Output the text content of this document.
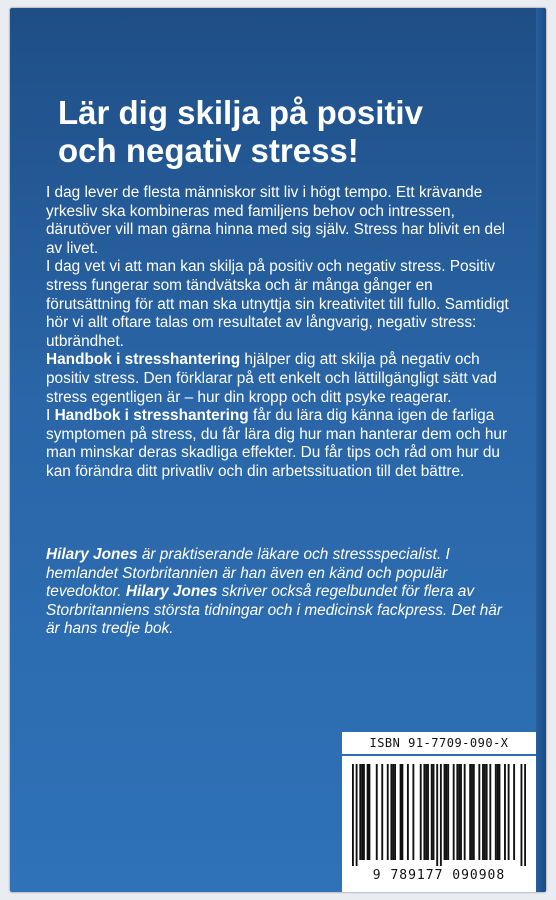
Lär dig skilja på positiv
och negativ stress!

I dag lever de flesta människor sitt liv i högt tempo. Ett krävande yrkesliv ska kombineras med familjens behov och intressen, därutöver vill man gärna hinna med sig själv. Stress har blivit en del av livet.

I dag vet vi att man kan skilja på positiv och negativ stress. Positiv stress fungerar som tändvätska och är många gånger en förutsättning för att man ska utnyttja sin kreativitet till fullo. Samtidigt hör vi allt oftare talas om resultatet av långvarig, negativ stress: utbrändhet.

Handbok i stresshantering hjälper dig att skilja på negativ och positiv stress. Den förklarar på ett enkelt och lättillgängligt sätt vad stress egentligen är – hur din kropp och ditt psyke reagerar.

I Handbok i stresshantering får du lära dig känna igen de farliga symptomen på stress, du får lära dig hur man hanterar dem och hur man minskar deras skadliga effekter. Du får tips och råd om hur du kan förändra ditt privatliv och din arbetssituation till det bättre.

Hilary Jones är praktiserande läkare och stressspecialist. I hemlandet Storbritannien är han även en känd och populär tevedoktor. Hilary Jones skriver också regelbundet för flera av Storbritanniens största tidningar och i medicinsk fackpress. Det här är hans tredje bok.

ISBN 91-7709-090-X
9 789177 090908
